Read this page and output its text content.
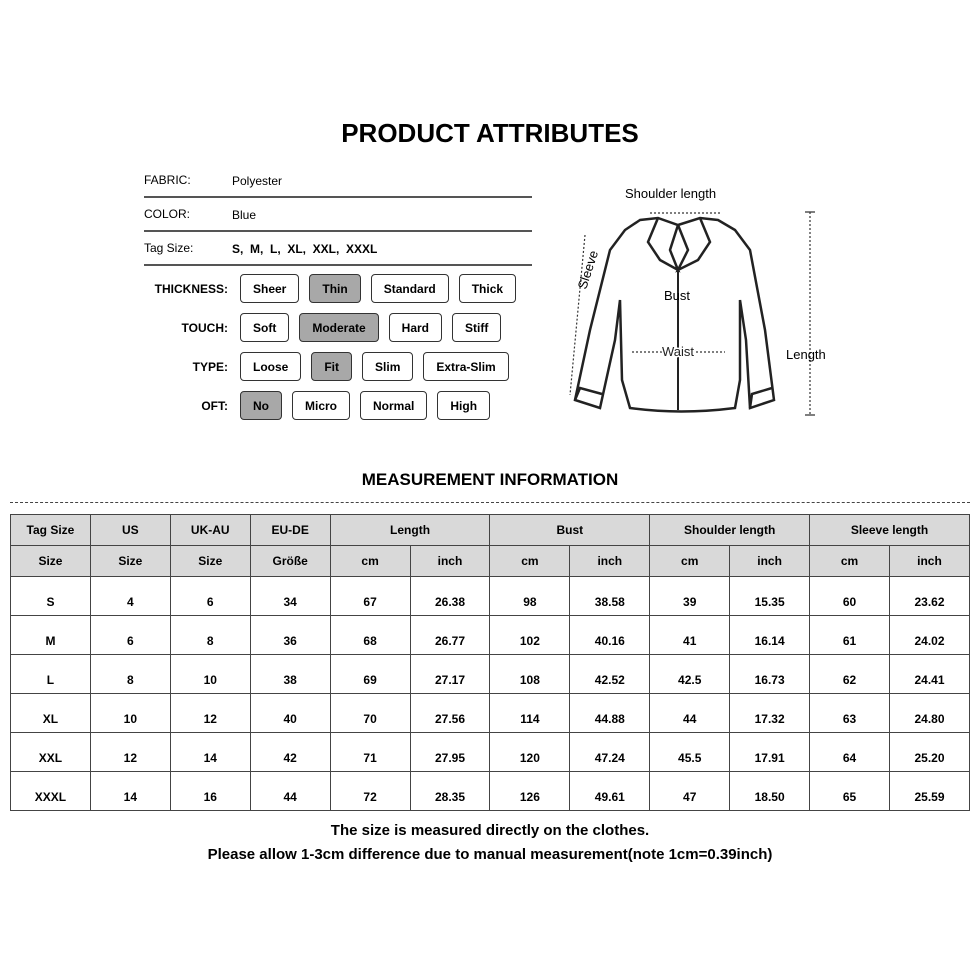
PRODUCT ATTRIBUTES
FABRIC:	Polyester
COLOR:	Blue
Tag Size:	S,  M,  L,  XL,  XXL,  XXXL
THICKNESS:	Sheer	Thin	Standard	Thick
TOUCH:	Soft	Moderate	Hard	Stiff
TYPE:	Loose	Fit	Slim	Extra-Slim
OFT:	No	Micro	Normal	High
Shoulder length
Sleeve
Bust
Waist	Length
MEASUREMENT INFORMATION
Tag Size	US	UK-AU	EU-DE	Length		Bust		Shoulder length		Sleeve length	
Size	Size	Size	Größe	cm	inch	cm	inch	cm	inch	cm	inch
S	4	6	34	67	26.38	98	38.58	39	15.35	60	23.62
M	6	8	36	68	26.77	102	40.16	41	16.14	61	24.02
L	8	10	38	69	27.17	108	42.52	42.5	16.73	62	24.41
XL	10	12	40	70	27.56	114	44.88	44	17.32	63	24.80
XXL	12	14	42	71	27.95	120	47.24	45.5	17.91	64	25.20
XXXL	14	16	44	72	28.35	126	49.61	47	18.50	65	25.59
The size is measured directly on the clothes.
Please allow 1-3cm difference due to manual measurement(note 1cm=0.39inch)
